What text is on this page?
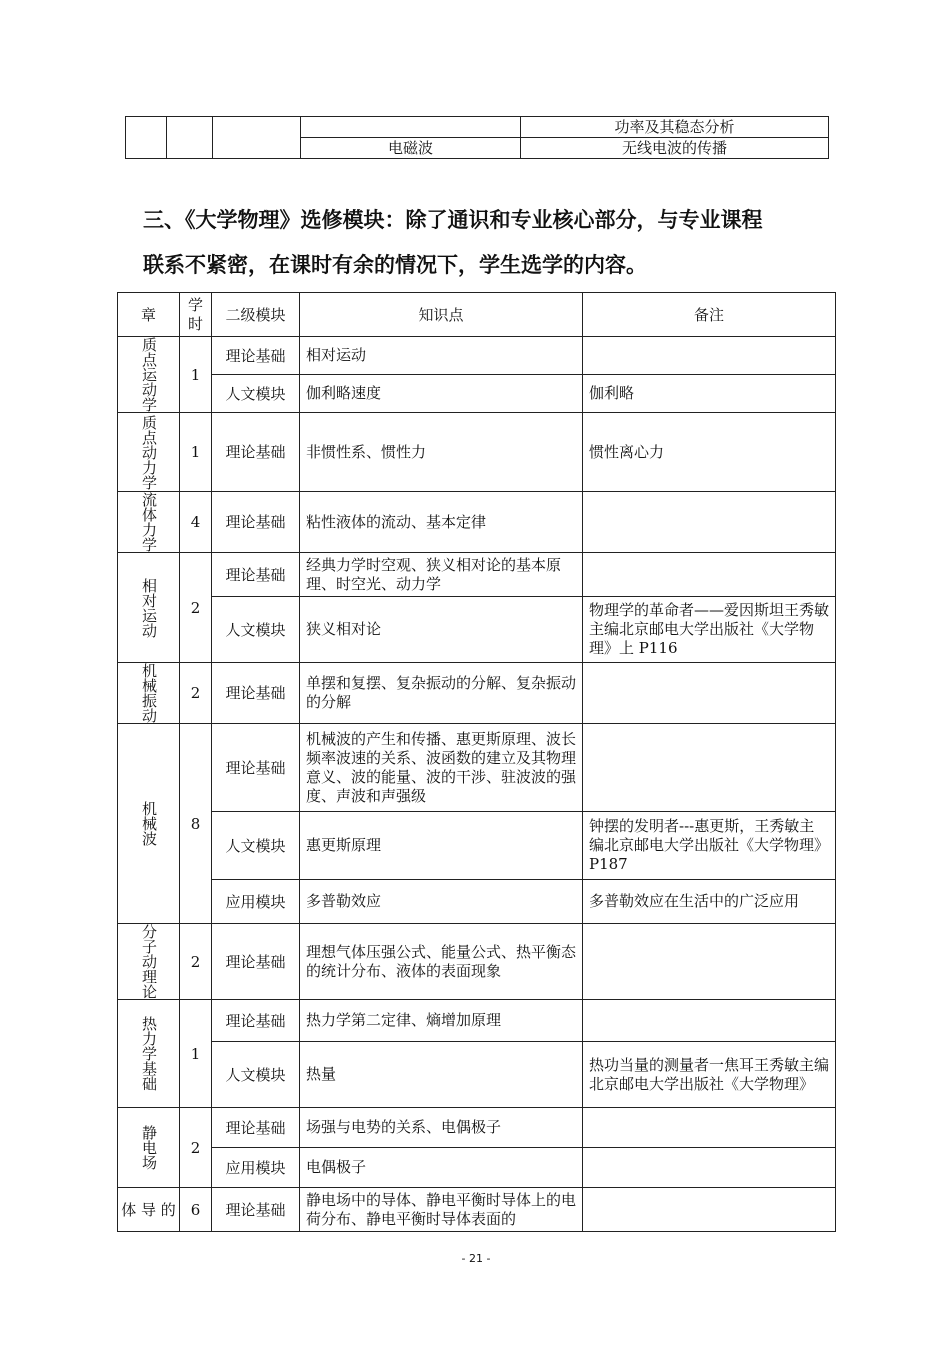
				功率及其稳态分析
			电磁波	无线电波的传播
三、《大学物理》选修模块：除了通识和专业核心部分，与专业课程
联系不紧密，在课时有余的情况下，学生选学的内容。
章	学时	二级模块	知识点	备注

质点运动学	1	理论基础	相对运动	
		人文模块	伽利略速度	伽利略

质点动力学	1	理论基础	非惯性系、惯性力	惯性离心力

流体力学	4	理论基础	粘性液体的流动、基本定律	

相对运动	2	理论基础	经典力学时空观、狭义相对论的基本原理、时空光、动力学	
		人文模块	狭义相对论	物理学的革命者——爱因斯坦王秀敏主编北京邮电大学出版社《大学物理》上 P116

机械振动	2	理论基础	单摆和复摆、复杂振动的分解、复杂振动的分解	

机械波	8	理论基础	机械波的产生和传播、惠更斯原理、波长频率波速的关系、波函数的建立及其物理意义、波的能量、波的干涉、驻波波的强度、声波和声强级	
		人文模块	惠更斯原理	钟摆的发明者---惠更斯，王秀敏主编北京邮电大学出版社《大学物理》P187
		应用模块	多普勒效应	多普勒效应在生活中的广泛应用

分子动理论	2	理论基础	理想气体压强公式、能量公式、热平衡态的统计分布、液体的表面现象	

热力学基础	1	理论基础	热力学第二定律、熵增加原理	
		人文模块	热量	热功当量的测量者一焦耳王秀敏主编北京邮电大学出版社《大学物理》

静电场	2	理论基础	场强与电势的关系、电偶极子	
		应用模块	电偶极子	

体 导 的	6	理论基础	静电场中的导体、静电平衡时导体上的电荷分布、静电平衡时导体表面的	
- 21 -
